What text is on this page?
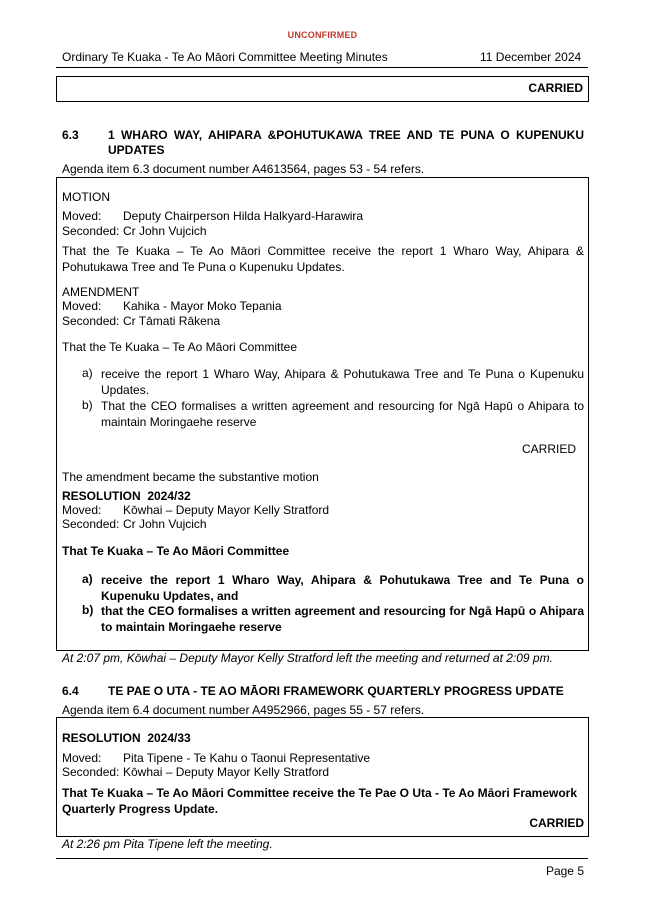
UNCONFIRMED
Ordinary Te Kuaka - Te Ao Māori Committee Meeting Minutes	11 December 2024
CARRIED
6.3 1 WHARO WAY, AHIPARA &POHUTUKAWA TREE AND TE PUNA O KUPENUKU UPDATES
Agenda item 6.3 document number A4613564, pages 53 - 54 refers.
MOTION
Moved: Deputy Chairperson Hilda Halkyard-Harawira
Seconded: Cr John Vujcich
That the Te Kuaka – Te Ao Māori Committee receive the report 1 Wharo Way, Ahipara & Pohutukawa Tree and Te Puna o Kupenuku Updates.
AMENDMENT
Moved: Kahika - Mayor Moko Tepania
Seconded: Cr Tāmati Rākena
That the Te Kuaka – Te Ao Māori Committee
a) receive the report 1 Wharo Way, Ahipara & Pohutukawa Tree and Te Puna o Kupenuku Updates.
b) That the CEO formalises a written agreement and resourcing for Ngā Hapū o Ahipara to maintain Moringaehe reserve
CARRIED
The amendment became the substantive motion
RESOLUTION  2024/32
Moved: Kōwhai – Deputy Mayor Kelly Stratford
Seconded: Cr John Vujcich
That Te Kuaka – Te Ao Māori Committee
a) receive the report 1 Wharo Way, Ahipara & Pohutukawa Tree and Te Puna o Kupenuku Updates, and
b) that the CEO formalises a written agreement and resourcing for Ngā Hapū o Ahipara to maintain Moringaehe reserve
At 2:07 pm, Kōwhai – Deputy Mayor Kelly Stratford left the meeting and returned at 2:09 pm.
6.4 TE PAE O UTA - TE AO MĀORI FRAMEWORK QUARTERLY PROGRESS UPDATE
Agenda item 6.4 document number A4952966, pages 55 - 57 refers.
RESOLUTION  2024/33
Moved: Pita Tipene - Te Kahu o Taonui Representative
Seconded: Kōwhai – Deputy Mayor Kelly Stratford
That Te Kuaka – Te Ao Māori Committee receive the Te Pae O Uta - Te Ao Māori Framework Quarterly Progress Update.
CARRIED
At 2:26 pm Pita Tipene left the meeting.
Page 5
